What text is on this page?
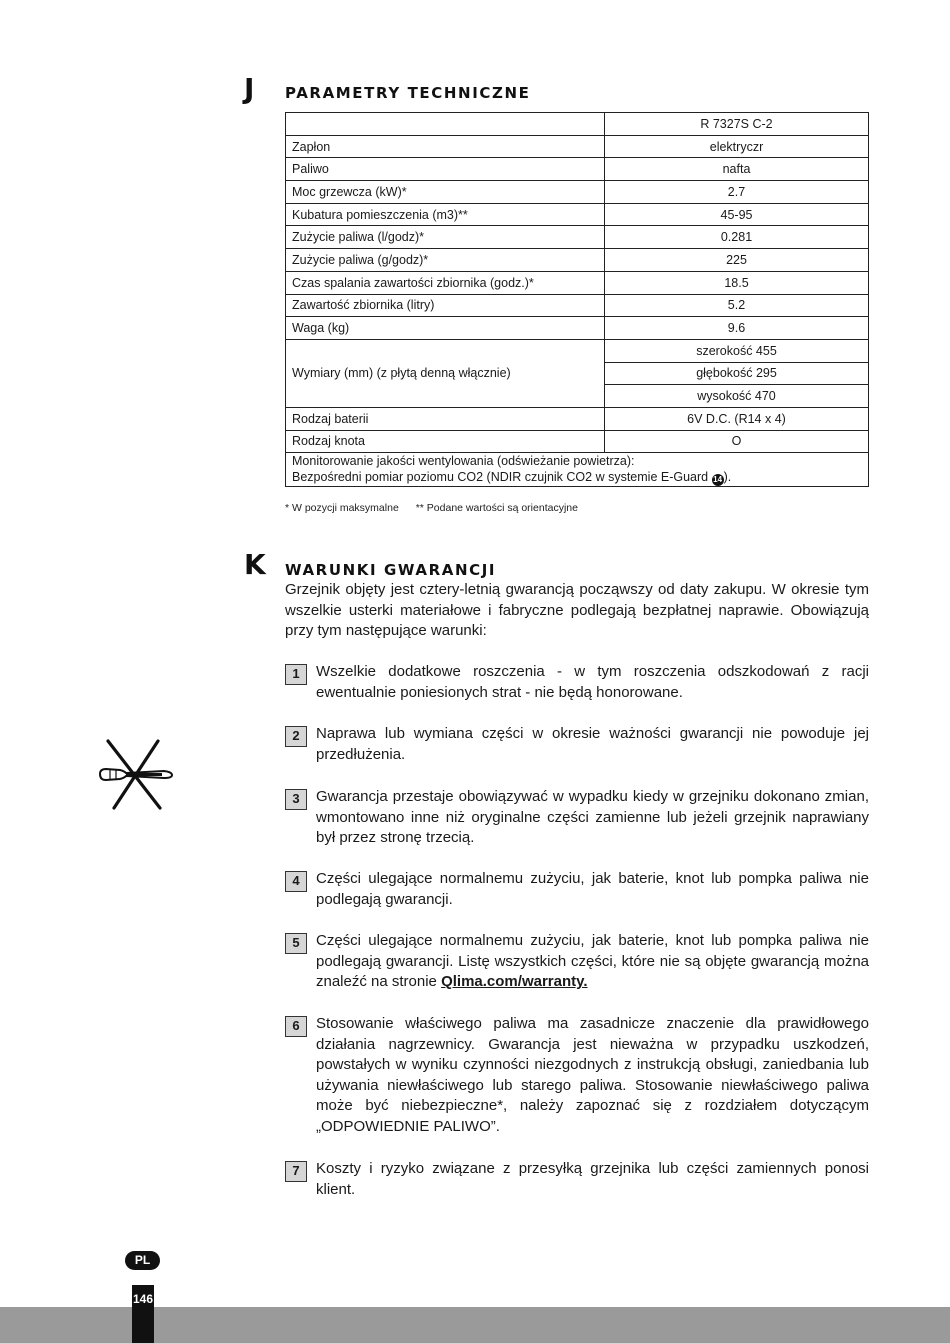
J PARAMETRY TECHNICZNE
	R 7327S C-2
Zapłon	elektryczr
Paliwo	nafta
Moc grzewcza (kW)*	2.7
Kubatura pomieszczenia (m3)**	45-95
Zużycie paliwa (l/godz)*	0.281
Zużycie paliwa (g/godz)*	225
Czas spalania zawartości zbiornika (godz.)*	18.5
Zawartość zbiornika (litry)	5.2
Waga (kg)	9.6
Wymiary (mm) (z płytą denną włącznie)	szerokość 455
	głębokość 295
	wysokość 470
Rodzaj baterii	6V D.C. (R14 x 4)
Rodzaj knota	O
Monitorowanie jakości wentylowania (odświeżanie powietrza):
Bezpośredni pomiar poziomu CO2 (NDIR czujnik CO2 w systemie E-Guard 14 ).	
* W pozycji maksymalne ** Podane wartości są orientacyjne
K WARUNKI GWARANCJI
Grzejnik objęty jest cztery-letnią gwarancją począwszy od daty zakupu. W okresie tym wszelkie usterki materiałowe i fabryczne podlegają bezpłatnej naprawie. Obowiązują przy tym następujące warunki:
1	Wszelkie dodatkowe roszczenia - w tym roszczenia odszkodowań z racji ewentualnie poniesionych strat - nie będą honorowane.
2	Naprawa lub wymiana części w okresie ważności gwarancji nie powoduje jej przedłużenia.
3	Gwarancja przestaje obowiązywać w wypadku kiedy w grzejniku dokonano zmian, wmontowano inne niż oryginalne części zamienne lub jeżeli grzejnik naprawiany był przez stronę trzecią.
4	Części ulegające normalnemu zużyciu, jak baterie, knot lub pompka paliwa nie podlegają gwarancji.
5	Części ulegające normalnemu zużyciu, jak baterie, knot lub pompka paliwa nie podlegają gwarancji. Listę wszystkich części, które nie są objęte gwarancją można znaleźć na stronie Qlima.com/warranty.
6	Stosowanie właściwego paliwa ma zasadnicze znaczenie dla prawidłowego działania nagrzewnicy. Gwarancja jest nieważna w przypadku uszkodzeń, powstałych w wyniku czynności niezgodnych z instrukcją obsługi, zaniedbania lub używania niewłaściwego lub starego paliwa. Stosowanie niewłaściwego paliwa może być niebezpieczne*, należy zapoznać się z rozdziałem dotyczącym „ODPOWIEDNIE PALIWO”.
7	Koszty i ryzyko związane z przesyłką grzejnika lub części zamiennych ponosi klient.
PL
146
